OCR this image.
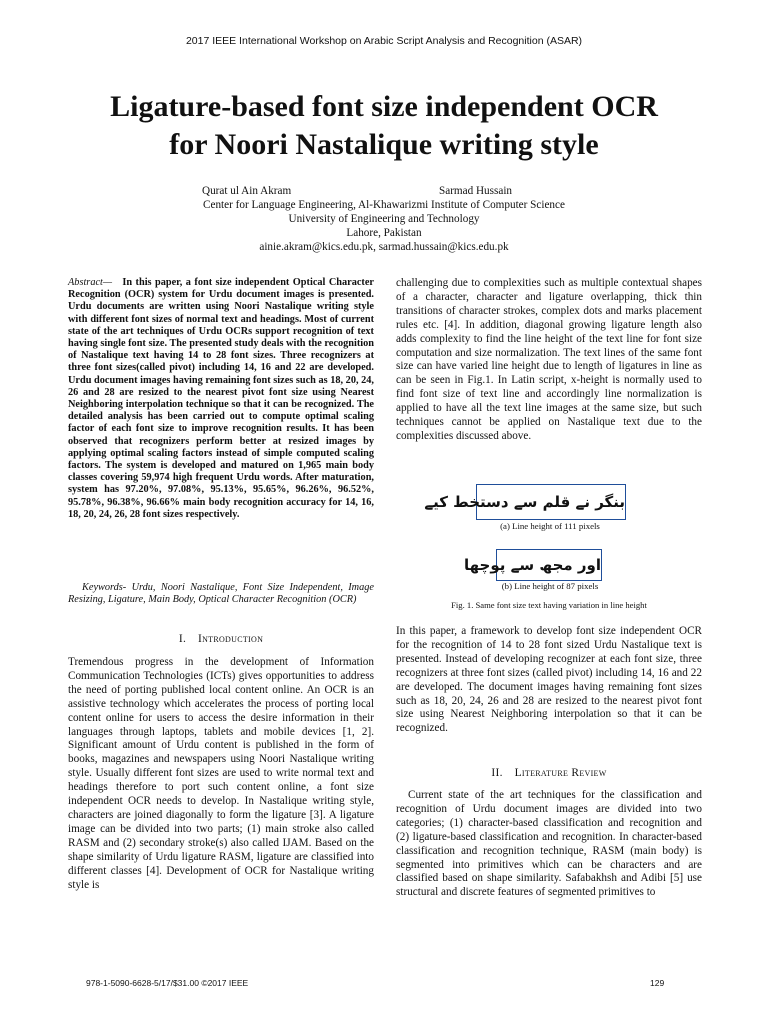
2017 IEEE International Workshop on Arabic Script Analysis and Recognition (ASAR)
Ligature-based font size independent OCR
for Noori Nastalique writing style
Qurat ul Ain Akram	Sarmad Hussain
Center for Language Engineering, Al-Khawarizmi Institute of Computer Science
University of Engineering and Technology
Lahore, Pakistan
ainie.akram@kics.edu.pk, sarmad.hussain@kics.edu.pk
Abstract— In this paper, a font size independent Optical Character Recognition (OCR) system for Urdu document images is presented. Urdu documents are written using Noori Nastalique writing style with different font sizes of normal text and headings. Most of current state of the art techniques of Urdu OCRs support recognition of text having single font size. The presented study deals with the recognition of Nastalique text having 14 to 28 font sizes. Three recognizers at three font sizes(called pivot) including 14, 16 and 22 are developed. Urdu document images having remaining font sizes such as 18, 20, 24, 26 and 28 are resized to the nearest pivot font size using Nearest Neighboring interpolation technique so that it can be recognized. The detailed analysis has been carried out to compute optimal scaling factor of each font size to improve recognition results. It has been observed that recognizers perform better at resized images by applying optimal scaling factors instead of simple computed scaling factors. The system is developed and matured on 1,965 main body classes covering 59,974 high frequent Urdu words. After maturation, system has 97.20%, 97.08%, 95.13%, 95.65%, 96.26%, 96.52%, 95.78%, 96.38%, 96.66% main body recognition accuracy for 14, 16, 18, 20, 24, 26, 28 font sizes respectively.
Keywords- Urdu, Noori Nastalique, Font Size Independent, Image Resizing, Ligature, Main Body, Optical Character Recognition (OCR)
I. Introduction

Tremendous progress in the development of Information Communication Technologies (ICTs) gives opportunities to address the need of porting published local content online. An OCR is an assistive technology which accelerates the process of porting local content online for users to access the desire information in their languages through laptops, tablets and mobile devices [1, 2]. Significant amount of Urdu content is published in the form of books, magazines and newspapers using Noori Nastalique writing style. Usually different font sizes are used to write normal text and headings therefore to port such content online, a font size independent OCR needs to develop. In Nastalique writing style, characters are joined diagonally to form the ligature [3]. A ligature image can be divided into two parts; (1) main stroke also called RASM and (2) secondary stroke(s) also called IJAM. Based on the shape similarity of Urdu ligature RASM, ligature are classified into different classes [4]. Development of OCR for Nastalique writing style is

challenging due to complexities such as multiple contextual shapes of a character, character and ligature overlapping, thick thin transitions of character strokes, complex dots and marks placement rules etc. [4]. In addition, diagonal growing ligature length also adds complexity to find the line height of the text line for font size computation and size normalization. The text lines of the same font size can have varied line height due to length of ligatures in line as can be seen in Fig.1. In Latin script, x-height is normally used to find font size of text line and accordingly line normalization is applied to have all the text line images at the same size, but such techniques cannot be applied on Nastalique text due to the complexities discussed above.

بنگر نے قلم سے دستخط کیے
(a) Line height of 111 pixels
اور مجھ سے پوچھا
(b) Line height of 87 pixels
Fig. 1. Same font size text having variation in line height

In this paper, a framework to develop font size independent OCR for the recognition of 14 to 28 font sized Urdu Nastalique text is presented. Instead of developing recognizer at each font size, three recognizers at three font sizes (called pivot) including 14, 16 and 22 are developed. The document images having remaining font sizes such as 18, 20, 24, 26 and 28 are resized to the nearest pivot font size using Nearest Neighboring interpolation so that it can be recognized.

II. Literature Review

Current state of the art techniques for the classification and recognition of Urdu document images are divided into two categories; (1) character-based classification and recognition and (2) ligature-based classification and recognition. In character-based classification and recognition technique, RASM (main body) is segmented into primitives which can be characters and are classified based on shape similarity. Safabakhsh and Adibi [5] use structural and discrete features of segmented primitives to

978-1-5090-6628-5/17/$31.00 ©2017 IEEE	129
